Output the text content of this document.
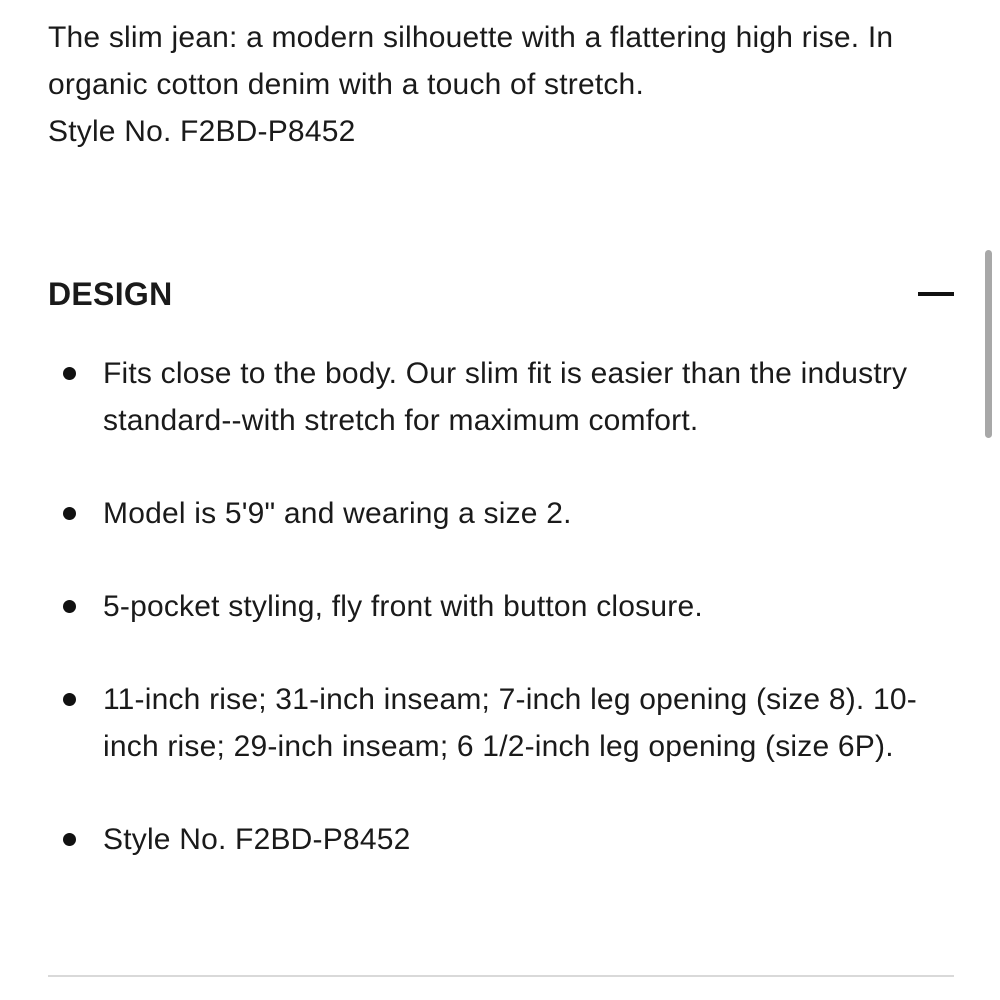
The slim jean: a modern silhouette with a flattering high rise. In organic cotton denim with a touch of stretch.

Style No. F2BD-P8452

DESIGN
Fits close to the body. Our slim fit is easier than the industry standard--with stretch for maximum comfort.
Model is 5'9" and wearing a size 2.
5-pocket styling, fly front with button closure.
11-inch rise; 31-inch inseam; 7-inch leg opening (size 8). 10-inch rise; 29-inch inseam; 6 1/2-inch leg opening (size 6P).
Style No. F2BD-P8452
